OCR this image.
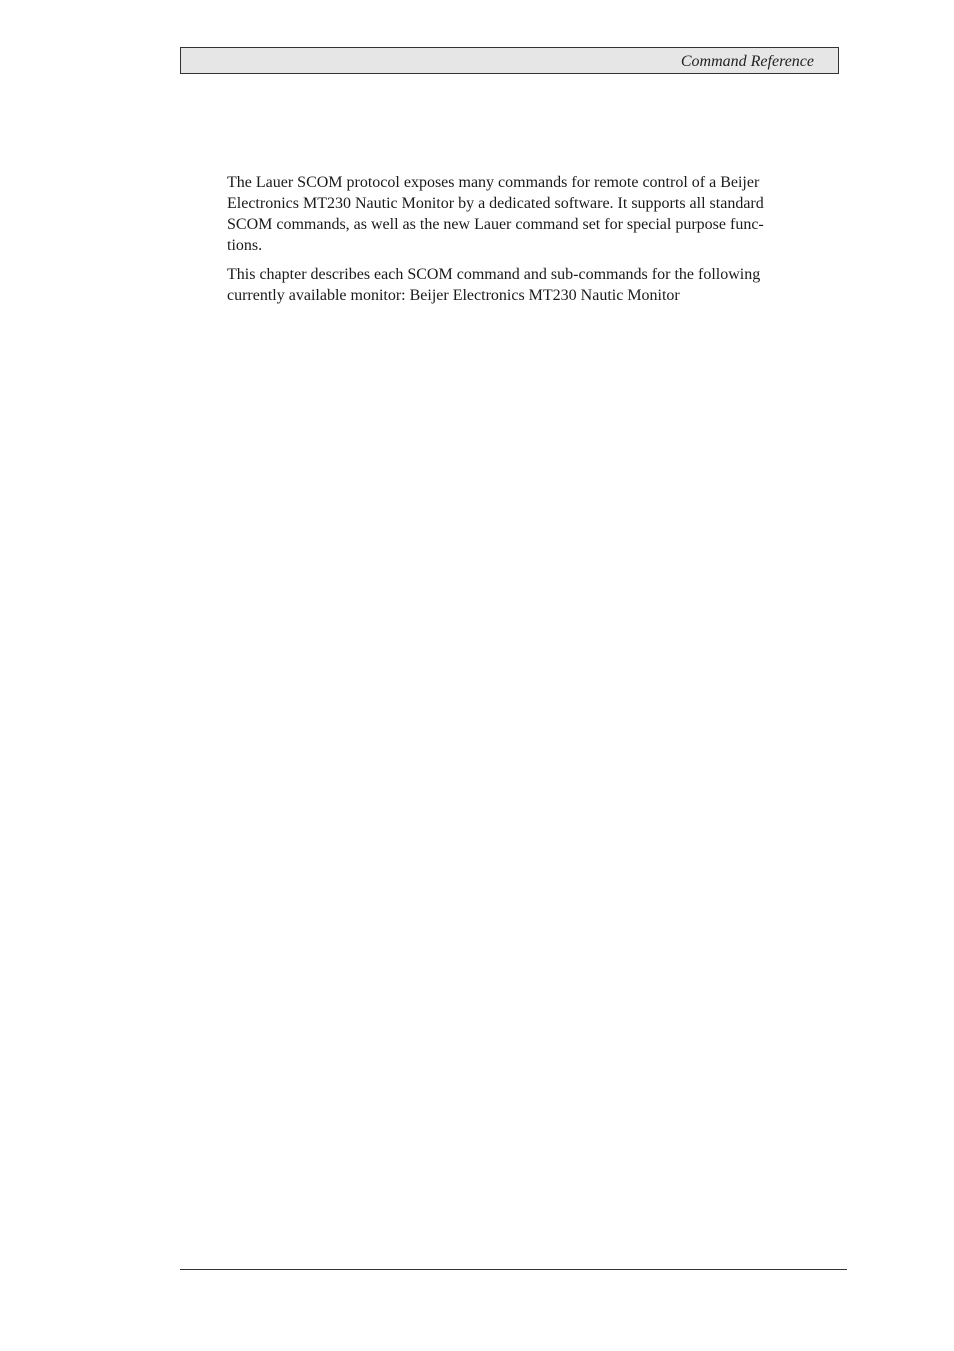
Command Reference

The Lauer SCOM protocol exposes many commands for remote control of a Beijer
Electronics MT230 Nautic Monitor by a dedicated software. It supports all standard
SCOM commands, as well as the new Lauer command set for special purpose func-
tions.

This chapter describes each SCOM command and sub-commands for the following
currently available monitor: Beijer Electronics MT230 Nautic Monitor
